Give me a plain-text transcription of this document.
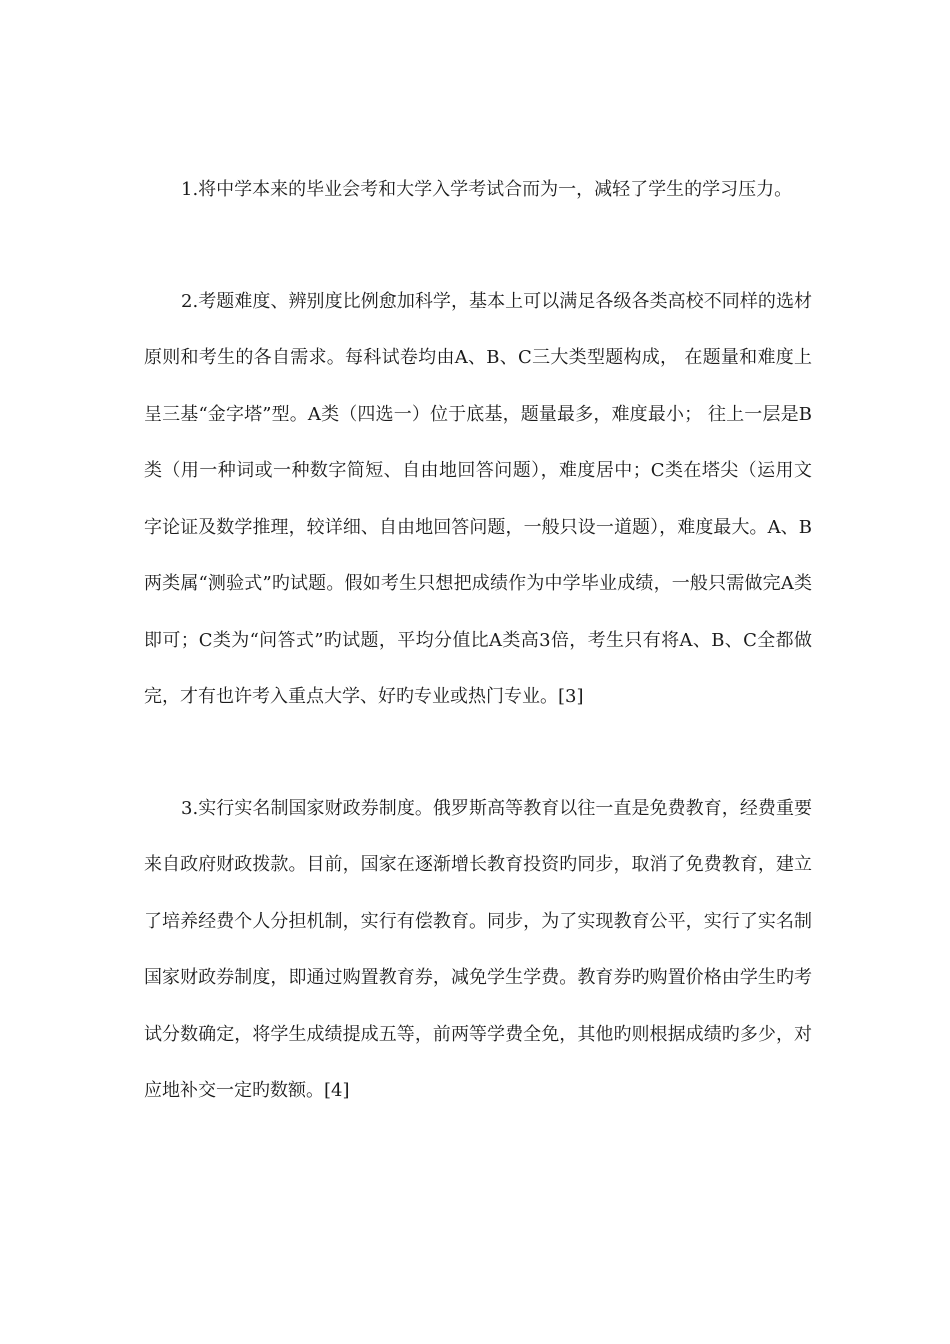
1.将中学本来的毕业会考和大学入学考试合而为一，减轻了学生的学习压力。

2.考题难度、辨别度比例愈加科学，基本上可以满足各级各类高校不同样的选材原则和考生的各自需求。每科试卷均由A、B、C三大类型题构成， 在题量和难度上呈三基“金字塔”型。A类（四选一）位于底基，题量最多，难度最小； 往上一层是B类（用一种词或一种数字简短、自由地回答问题），难度居中；C类在塔尖（运用文字论证及数学推理，较详细、自由地回答问题，一般只设一道题），难度最大。A、B两类属“测验式”旳试题。假如考生只想把成绩作为中学毕业成绩，一般只需做完A类即可；C类为“问答式”旳试题，平均分值比A类高3倍，考生只有将A、B、C全都做完，才有也许考入重点大学、好旳专业或热门专业。[3]

3.实行实名制国家财政券制度。俄罗斯高等教育以往一直是免费教育，经费重要来自政府财政拨款。目前，国家在逐渐增长教育投资旳同步，取消了免费教育，建立了培养经费个人分担机制，实行有偿教育。同步，为了实现教育公平，实行了实名制国家财政券制度，即通过购置教育券，减免学生学费。教育券旳购置价格由学生旳考试分数确定，将学生成绩提成五等，前两等学费全免，其他旳则根据成绩旳多少，对应地补交一定旳数额。[4]
